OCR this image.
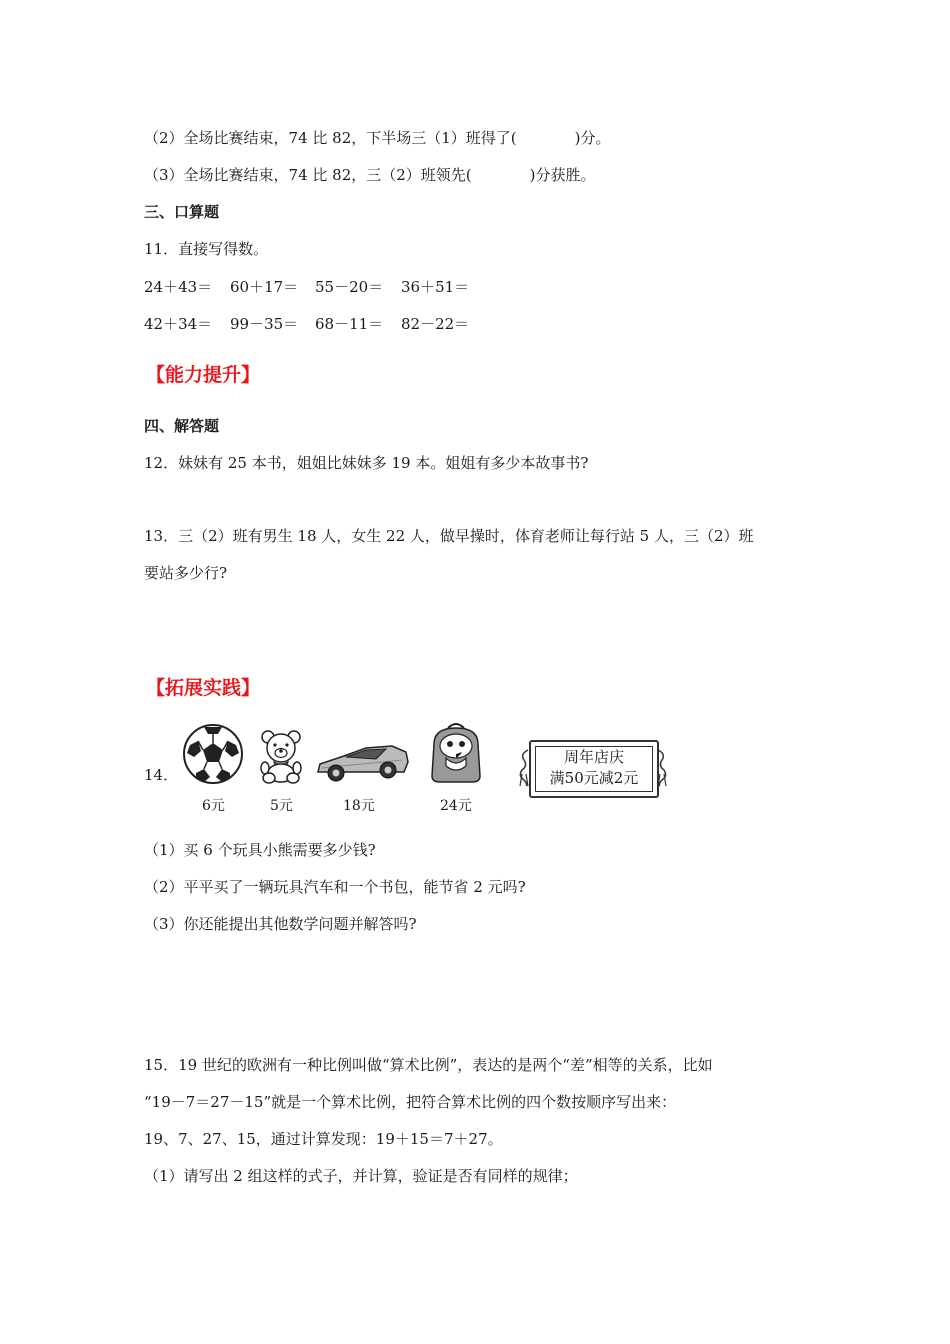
（2）全场比赛结束，74 比 82，下半场三（1）班得了(	)分。
（3）全场比赛结束，74 比 82，三（2）班领先(	)分获胜。
三、口算题
11．直接写得数。
24＋43＝ 60＋17＝ 55－20＝ 36＋51＝
42＋34＝ 99－35＝ 68－11＝ 82－22＝
【能力提升】
四、解答题
12．妹妹有 25 本书，姐姐比妹妹多 19 本。姐姐有多少本故事书?
13．三（2）班有男生 18 人，女生 22 人，做早操时，体育老师让每行站 5 人，三（2）班
要站多少行?
【拓展实践】
14．
6元	5元	18元	24元
周年店庆
满50元减2元
（1）买 6 个玩具小熊需要多少钱?
（2）平平买了一辆玩具汽车和一个书包，能节省 2 元吗?
（3）你还能提出其他数学问题并解答吗?
15．19 世纪的欧洲有一种比例叫做“算术比例”，表达的是两个“差”相等的关系，比如
“19－7＝27－15”就是一个算术比例，把符合算术比例的四个数按顺序写出来：
19、7、27、15，通过计算发现：19＋15＝7＋27。
（1）请写出 2 组这样的式子，并计算，验证是否有同样的规律；
